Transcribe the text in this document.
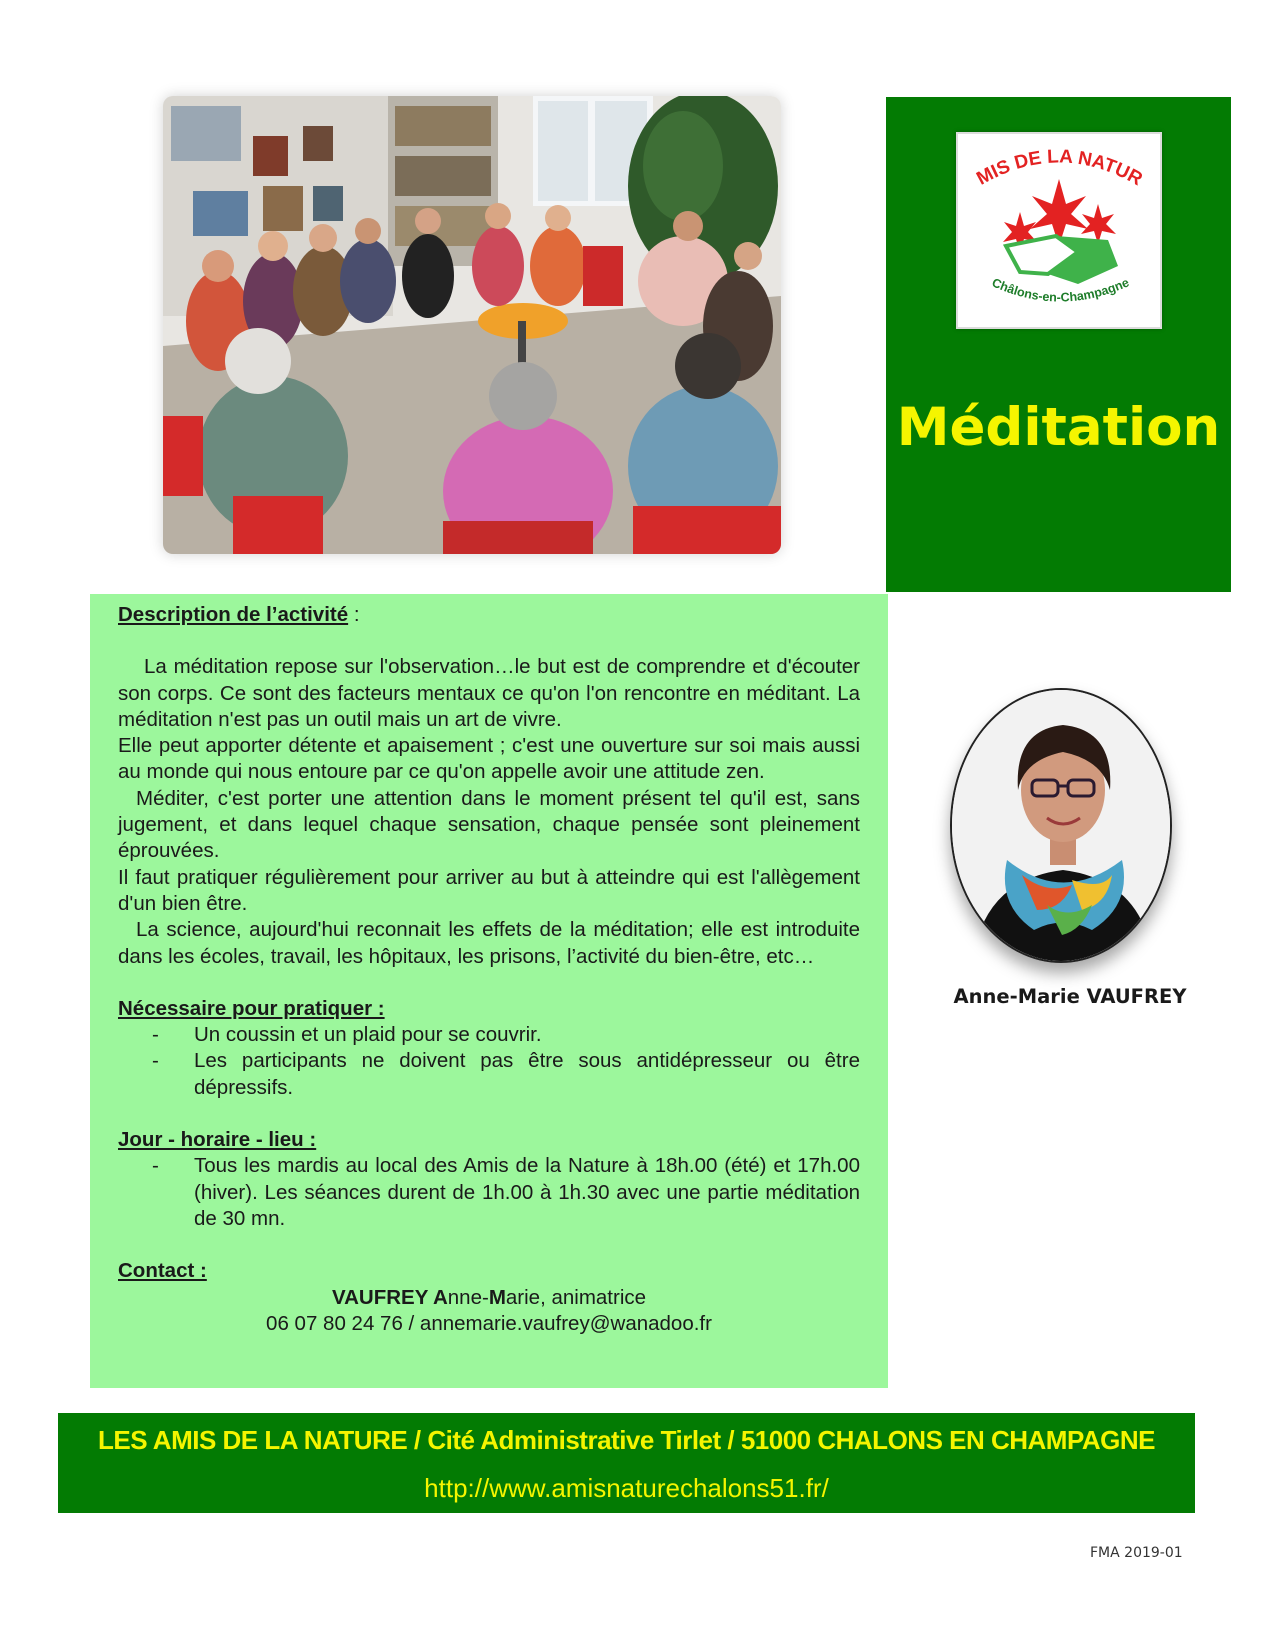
MIS DE LA NATUR
Châlons-en-Champagne
Méditation
Description de l’activité :

La méditation repose sur l'observation…le but est de comprendre et d'écouter son corps. Ce sont des facteurs mentaux ce qu'on l'on rencontre en méditant. La méditation n'est pas un outil mais un art de vivre.

Elle peut apporter détente et apaisement ; c'est une ouverture sur soi mais aussi au monde qui nous entoure par ce qu'on appelle avoir une attitude zen.

Méditer, c'est porter une attention dans le moment présent tel qu'il est, sans jugement, et dans lequel chaque sensation, chaque pensée sont pleinement éprouvées.

Il faut pratiquer régulièrement pour arriver au but à atteindre qui est l'allègement d'un bien être.

La science, aujourd'hui reconnait les effets de la méditation; elle est introduite dans les écoles, travail, les hôpitaux, les prisons, l’activité du bien-être, etc…

Nécessaire pour pratiquer :
-	Un coussin et un plaid pour se couvrir.
-	Les participants ne doivent pas être sous antidépresseur ou être dépressifs.
Jour - horaire - lieu :
-	Tous les mardis au local des Amis de la Nature à 18h.00 (été) et 17h.00 (hiver). Les séances durent de 1h.00 à 1h.30 avec une partie méditation de 30 mn.
Contact :
VAUFREY Anne-Marie, animatrice
06 07 80 24 76 / annemarie.vaufrey@wanadoo.fr
Anne-Marie VAUFREY
LES AMIS DE LA NATURE / Cité Administrative Tirlet / 51000 CHALONS EN CHAMPAGNE
http://www.amisnaturechalons51.fr/
FMA 2019-01
